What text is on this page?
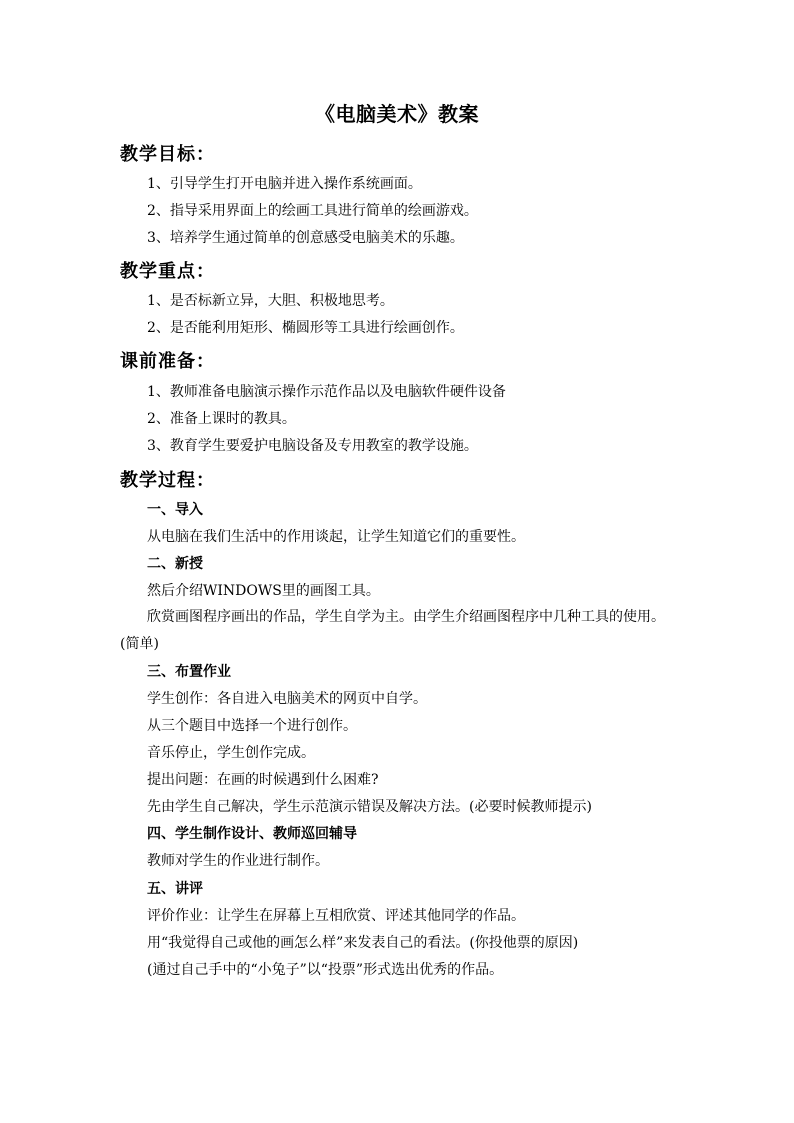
《电脑美术》教案
教学目标：
1、引导学生打开电脑并进入操作系统画面。
2、指导采用界面上的绘画工具进行简单的绘画游戏。
3、培养学生通过简单的创意感受电脑美术的乐趣。
教学重点：
1、是否标新立异，大胆、积极地思考。
2、是否能利用矩形、椭圆形等工具进行绘画创作。
课前准备：
1、教师准备电脑演示操作示范作品以及电脑软件硬件设备
2、准备上课时的教具。
3、教育学生要爱护电脑设备及专用教室的教学设施。
教学过程：
一、导入
从电脑在我们生活中的作用谈起，让学生知道它们的重要性。
二、新授
然后介绍WINDOWS里的画图工具。
欣赏画图程序画出的作品，学生自学为主。由学生介绍画图程序中几种工具的使用。(简单)
三、布置作业
学生创作：各自进入电脑美术的网页中自学。
从三个题目中选择一个进行创作。
音乐停止，学生创作完成。
提出问题：在画的时候遇到什么困难?
先由学生自己解决，学生示范演示错误及解决方法。(必要时候教师提示)
四、学生制作设计、教师巡回辅导
教师对学生的作业进行制作。
五、讲评
评价作业：让学生在屏幕上互相欣赏、评述其他同学的作品。
用“我觉得自己或他的画怎么样”来发表自己的看法。(你投他票的原因)
(通过自己手中的“小兔子”以“投票”形式选出优秀的作品。
